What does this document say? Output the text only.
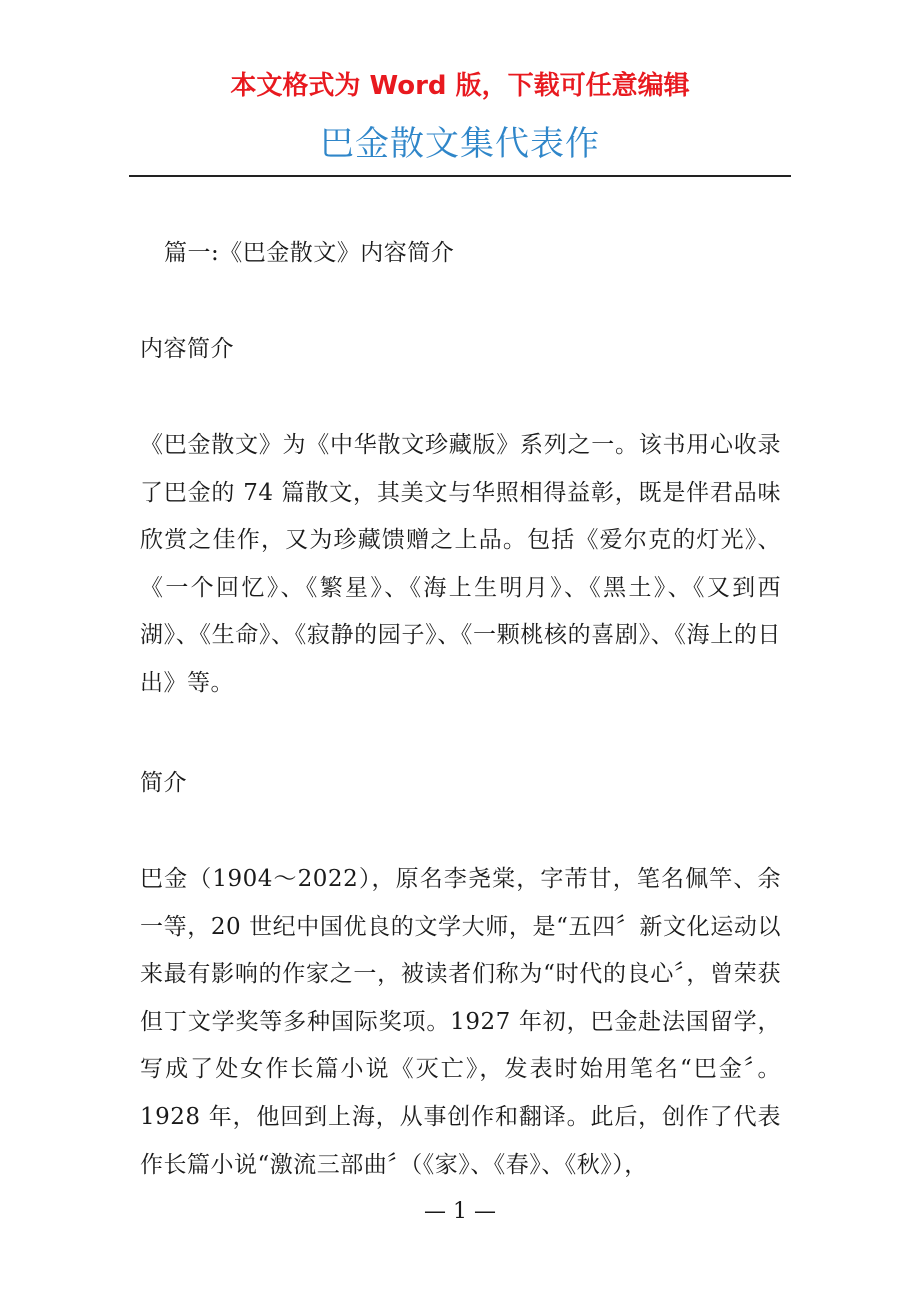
本文格式为 Word 版，下载可任意编辑
巴金散文集代表作

篇一:《巴金散文》内容简介

内容简介

《巴金散文》为《中华散文珍藏版》系列之一。该书用心收录了巴金的 74 篇散文，其美文与华照相得益彰，既是伴君品味欣赏之佳作，又为珍藏馈赠之上品。包括《爱尔克的灯光》、《一个回忆》、《繁星》、《海上生明月》、《黑土》、《又到西湖》、《生命》、《寂静的园子》、《一颗桃核的喜剧》、《海上的日出》等。

简介

巴金（1904～2022），原名李尧棠，字芾甘，笔名佩竿、余一等，20 世纪中国优良的文学大师，是“五四〞新文化运动以来最有影响的作家之一，被读者们称为“时代的良心〞，曾荣获但丁文学奖等多种国际奖项。1927 年初，巴金赴法国留学，写成了处女作长篇小说《灭亡》，发表时始用笔名“巴金〞。1928 年，他回到上海，从事创作和翻译。此后，创作了代表作长篇小说“激流三部曲〞（《家》、《春》、《秋》），

— 1 —
